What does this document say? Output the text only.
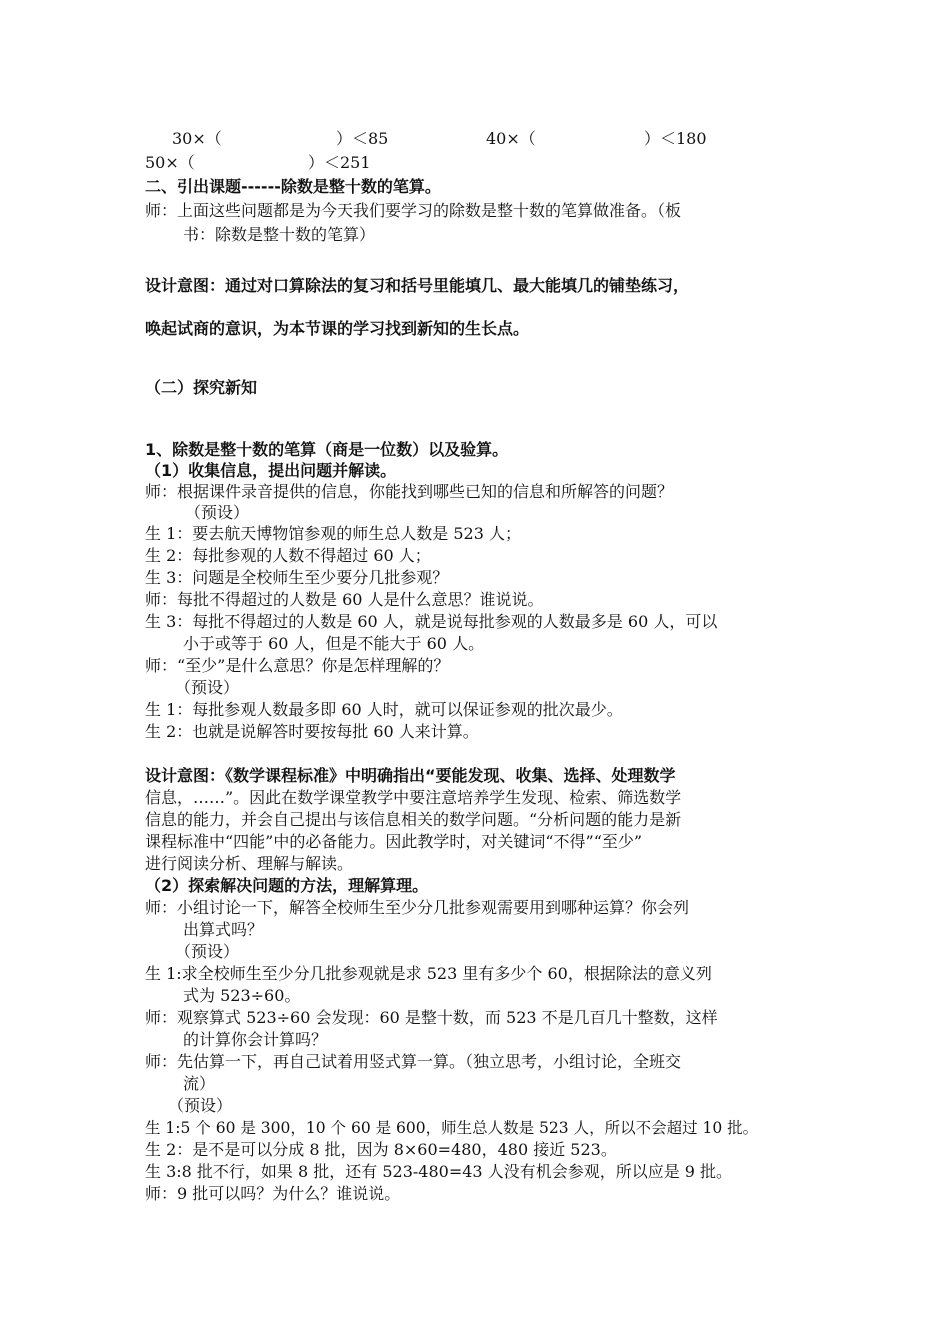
30×（	）＜85	40×（	）＜180
50×（	）＜251
二、引出课题------除数是整十数的笔算。
师：上面这些问题都是为今天我们要学习的除数是整十数的笔算做准备。（板
书：除数是整十数的笔算）
设计意图：通过对口算除法的复习和括号里能填几、最大能填几的铺垫练习，
唤起试商的意识，为本节课的学习找到新知的生长点。
（二）探究新知
1、除数是整十数的笔算（商是一位数）以及验算。
（1）收集信息，提出问题并解读。
师：根据课件录音提供的信息，你能找到哪些已知的信息和所解答的问题？
（预设）
生 1：要去航天博物馆参观的师生总人数是 523 人；
生 2：每批参观的人数不得超过 60 人；
生 3：问题是全校师生至少要分几批参观？
师：每批不得超过的人数是 60 人是什么意思？谁说说。
生 3：每批不得超过的人数是 60 人，就是说每批参观的人数最多是 60 人，可以
小于或等于 60 人，但是不能大于 60 人。
师：“至少”是什么意思？你是怎样理解的？
（预设）
生 1：每批参观人数最多即 60 人时，就可以保证参观的批次最少。
生 2：也就是说解答时要按每批 60 人来计算。
设计意图：《数学课程标准》中明确指出“要能发现、收集、选择、处理数学
信息，……”。因此在数学课堂教学中要注意培养学生发现、检索、筛选数学
信息的能力，并会自己提出与该信息相关的数学问题。“分析问题的能力是新
课程标准中“四能”中的必备能力。因此教学时，对关键词“不得”“至少”
进行阅读分析、理解与解读。
（2）探索解决问题的方法，理解算理。
师：小组讨论一下，解答全校师生至少分几批参观需要用到哪种运算？你会列
出算式吗？
（预设）
生 1:求全校师生至少分几批参观就是求 523 里有多少个 60，根据除法的意义列
式为 523÷60。
师：观察算式 523÷60 会发现：60 是整十数，而 523 不是几百几十整数，这样
的计算你会计算吗？
师：先估算一下，再自己试着用竖式算一算。（独立思考，小组讨论，全班交
流）
（预设）
生 1:5 个 60 是 300，10 个 60 是 600，师生总人数是 523 人，所以不会超过 10 批。
生 2：是不是可以分成 8 批，因为 8×60=480，480 接近 523。
生 3:8 批不行，如果 8 批，还有 523-480=43 人没有机会参观，所以应是 9 批。
师：9 批可以吗？为什么？谁说说。
